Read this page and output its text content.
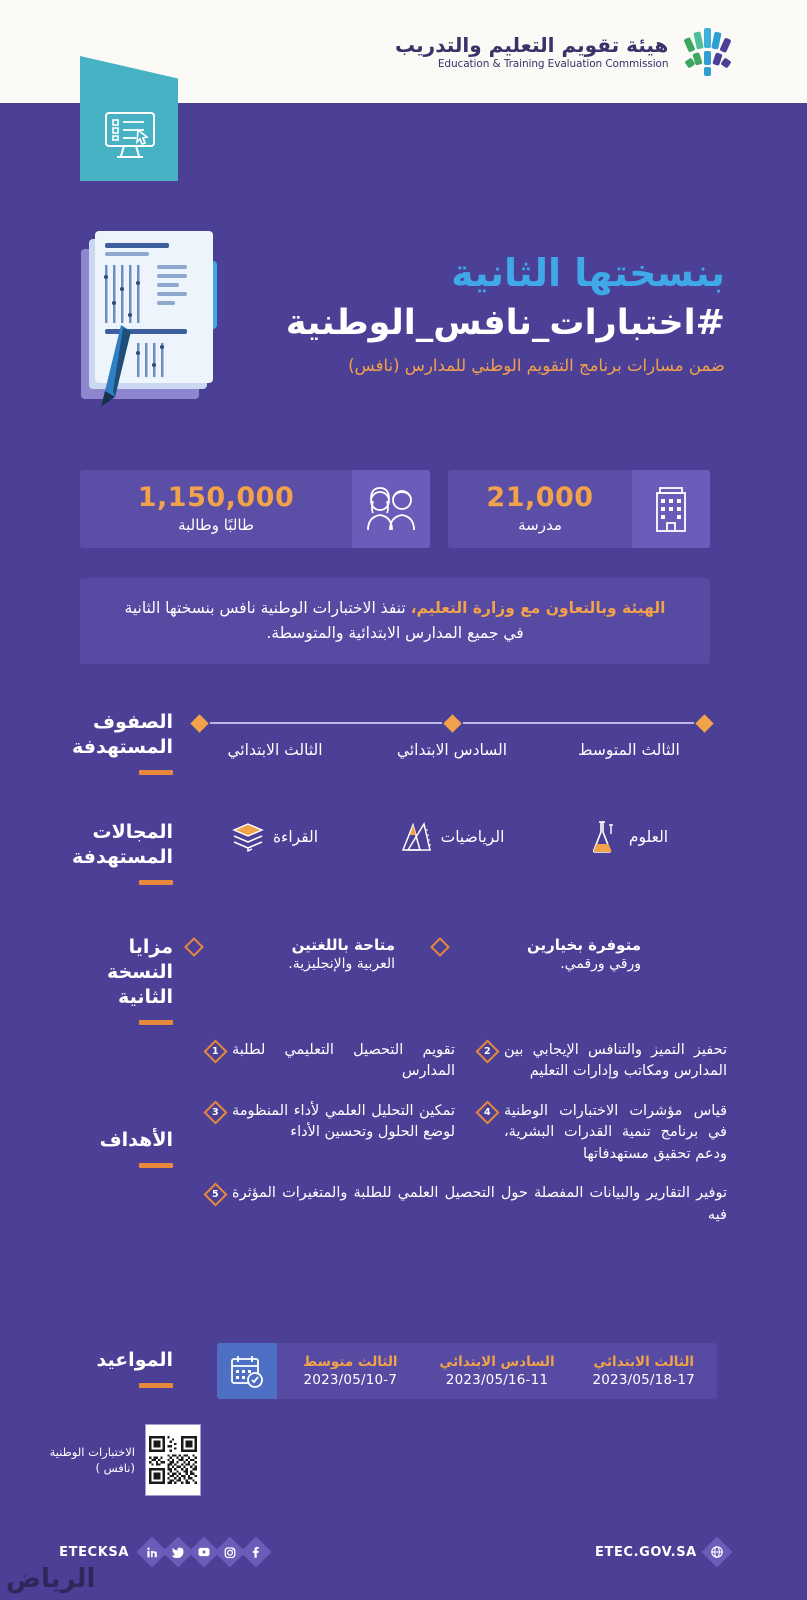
هيئة تقويم التعليم والتدريب
Education & Training Evaluation Commission
بنسختها الثانية
#اختبارات_نافس_الوطنية
ضمن مسارات برنامج التقويم الوطني للمدارس (نافس)
1,150,000
طالبًا وطالبة
21,000
مدرسة

الهيئة وبالتعاون مع وزارة التعليم، تنفذ الاختبارات الوطنية نافس بنسختها الثانية

في جميع المدارس الابتدائية والمتوسطة.

الصفوف المستهدفة	الثالث المتوسط
السادس الابتدائي
الثالث الابتدائي
المجالات المستهدفة
العلوم
الرياضيات
القراءة
مزايا النسخة الثانية
متوفرة بخيارين
ورقي ورقمي.
متاحة باللغتين
العربية والإنجليزية.
الأهداف
2 تحفيز التميز والتنافس الإيجابي بين المدارس ومكاتب وإدارات التعليم

1 تقويم التحصيل التعليمي لطلبة المدارس

4 قياس مؤشرات الاختبارات الوطنية في برنامج تنمية القدرات البشرية، ودعم تحقيق مستهدفاتها

3 تمكين التحليل العلمي لأداء المنظومة لوضع الحلول وتحسين الأداء

5 توفير التقارير والبيانات المفصلة حول التحصيل العلمي للطلبة والمتغيرات المؤثرة فيه

المواعيد	الثالث متوسط
2023/05/10-7
السادس الابتدائي
2023/05/16-11
الثالث الابتدائي
2023/05/18-17
الاختبارات الوطنية
(نافس )
ETECKSA	ETEC.GOV.SA
الرياض
